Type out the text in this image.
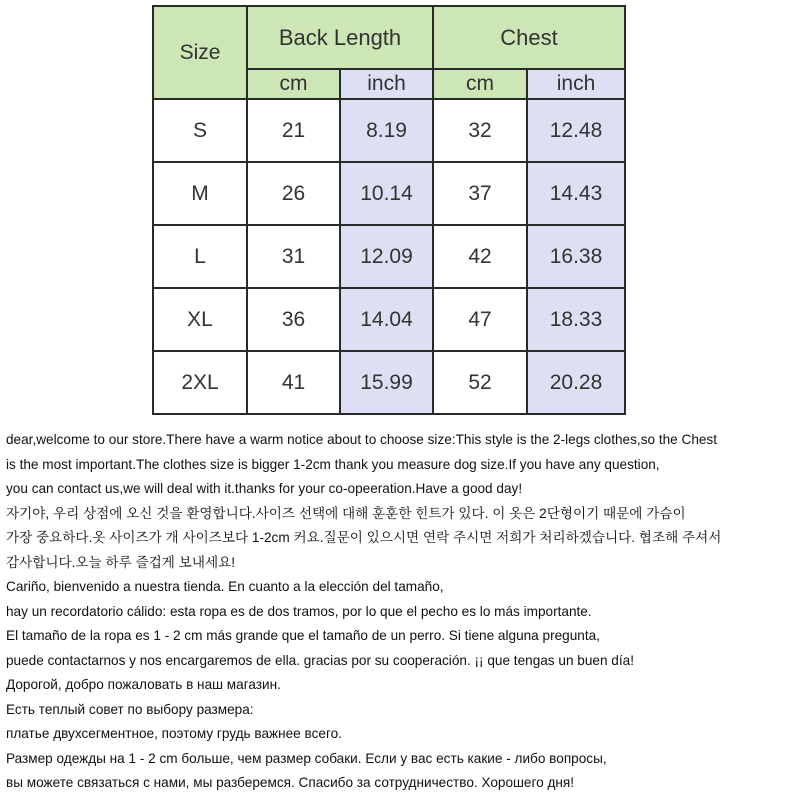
Size	Back Length		Chest	
	cm	inch	cm	inch
S	21	8.19	32	12.48
M	26	10.14	37	14.43
L	31	12.09	42	16.38
XL	36	14.04	47	18.33
2XL	41	15.99	52	20.28
dear,welcome to our store.There have a warm notice about to choose size:This style is the 2-legs clothes,so the Chest
is the most important.The clothes size is bigger 1-2cm thank you measure dog size.If you have any question,
you can contact us,we will deal with it.thanks for your co-opeeration.Have a good day!
자기야, 우리 상점에 오신 것을 환영합니다.사이즈 선택에 대해 훈훈한 힌트가 있다. 이 옷은 2단형이기 때문에 가슴이
가장 중요하다.옷 사이즈가 개 사이즈보다 1-2cm 커요.질문이 있으시면 연락 주시면 저희가 처리하겠습니다. 협조해 주셔서
감사합니다.오늘 하루 즐겁게 보내세요!
Cariño, bienvenido a nuestra tienda. En cuanto a la elección del tamaño,
hay un recordatorio cálido: esta ropa es de dos tramos, por lo que el pecho es lo más importante.
El tamaño de la ropa es 1 - 2 cm más grande que el tamaño de un perro. Si tiene alguna pregunta,
puede contactarnos y nos encargaremos de ella. gracias por su cooperación. ¡¡ que tengas un buen día!
Дорогой, добро пожаловать в наш магазин.
Есть теплый совет по выбору размера:
платье двухсегментное, поэтому грудь важнее всего.
Размер одежды на 1 - 2 cm больше, чем размер собаки. Если у вас есть какие - либо вопросы,
вы можете связаться с нами, мы разберемся. Спасибо за сотрудничество. Хорошего дня!
